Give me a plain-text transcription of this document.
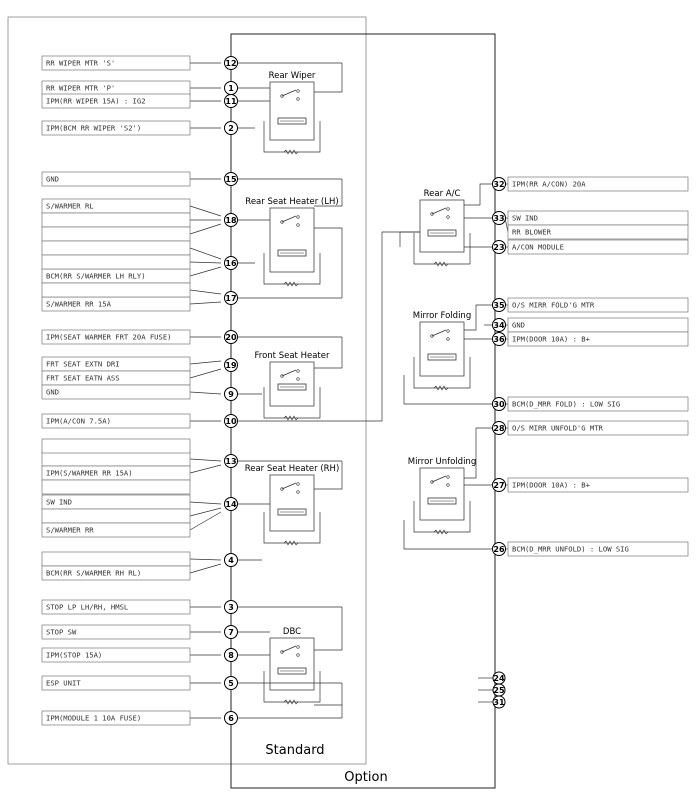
Standard
Option
Rear Wiper
Rear Seat Heater (LH)
Front Seat Heater
Rear Seat Heater (RH)
DBC
Rear A/C
Mirror Folding
Mirror Unfolding
RR WIPER MTR 'S'
RR WIPER MTR 'P'
IPM(RR WIPER 15A) : IG2
IPM(BCM RR WIPER 'S2')
GND
S/WARMER RL
BCM(RR S/WARMER LH RLY)
S/WARMER RR 15A
IPM(SEAT WARMER FRT 20A FUSE)
FRT SEAT EXTN DRI
FRT SEAT EATN ASS
GND
IPM(A/CON 7.5A)
IPM(S/WARMER RR 15A)
SW IND
S/WARMER RR
BCM(RR S/WARMER RH RL)
STOP LP LH/RH, HMSL
STOP SW
IPM(STOP 15A)
ESP UNIT
IPM(MODULE 1 10A FUSE)
IPM(RR A/CON) 20A
SW IND
RR BLOWER
A/CON MODULE
O/S MIRR FOLD'G MTR
GND
IPM(DOOR 10A) : B+
BCM(D_MRR FOLD) : LOW SIG
O/S MIRR UNFOLD'G MTR
IPM(DOOR 10A) : B+
BCM(D_MRR UNFOLD) : LOW SIG
1
2
3
4
5
6
7
8
9
10
11
12
13
14
15
16
17
18
19
20
32
33
23
35
34
36
30
28
27
26
24
25
31
